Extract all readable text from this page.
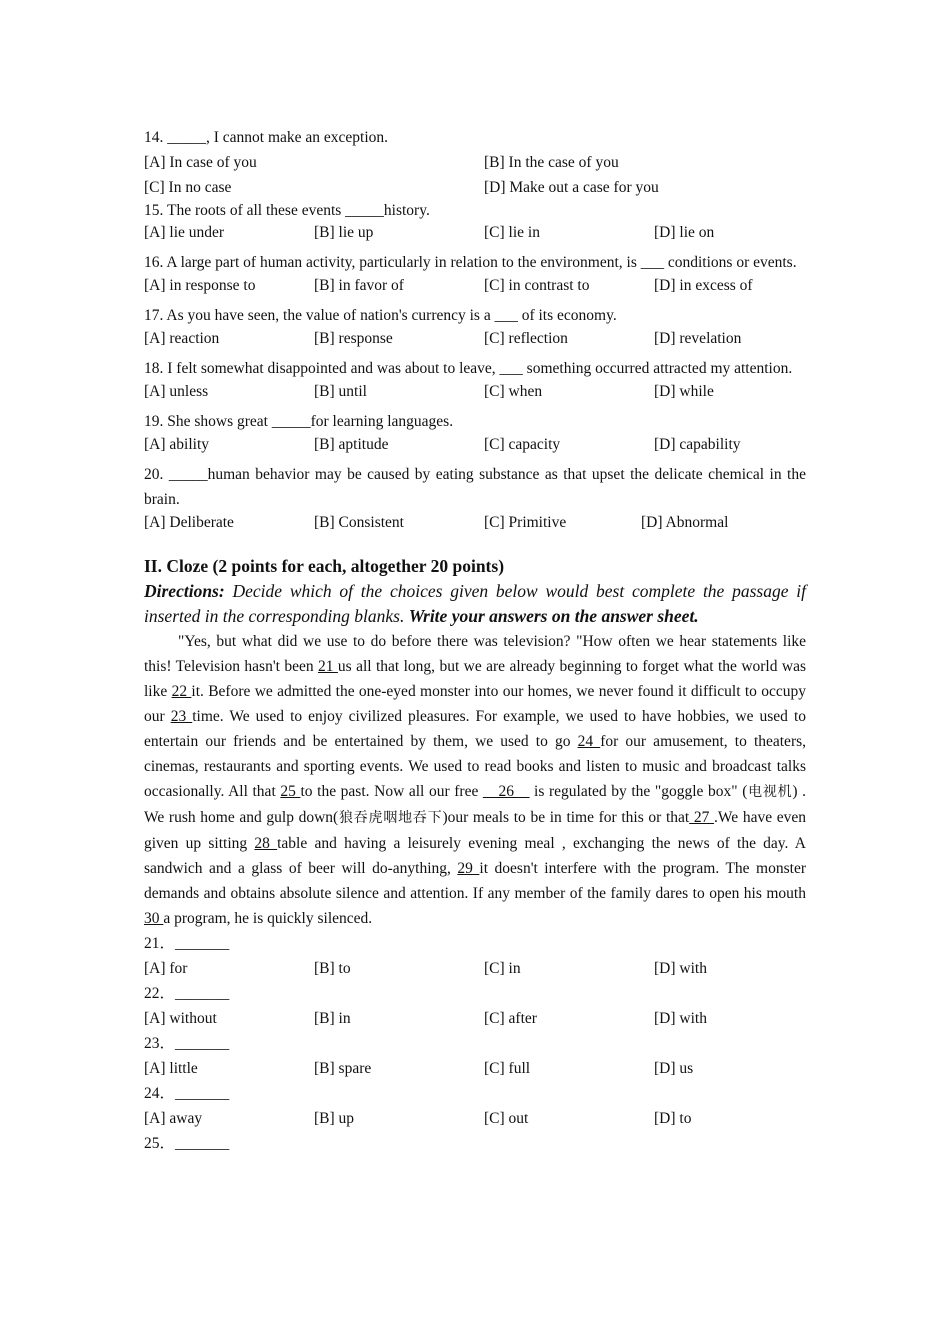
14. _____, I cannot make an exception.
[A] In case of you	[B] In the case of you
[C] In no case	[D] Make out a case for you
15. The roots of all these events _____history.
[A] lie under	[B] lie up	[C] lie in	[D] lie on
16. A large part of human activity, particularly in relation to the environment, is ___ conditions or events.
[A] in response to	[B] in favor of	[C] in contrast to	[D] in excess of
17. As you have seen, the value of nation's currency is a ___ of its economy.
[A] reaction	[B] response	[C] reflection	[D] revelation
18. I felt somewhat disappointed and was about to leave, ___ something occurred attracted my attention.
[A] unless	[B] until	[C] when	[D] while
19. She shows great _____for learning languages.
[A] ability	[B] aptitude	[C] capacity	[D] capability
20. _____human behavior may be caused by eating substance as that upset the delicate chemical in the brain.
[A] Deliberate	[B] Consistent	[C] Primitive	[D] Abnormal
II. Cloze (2 points for each, altogether 20 points)
Directions: Decide which of the choices given below would best complete the passage if inserted in the corresponding blanks. Write your answers on the answer sheet.
"Yes, but what did we use to do before there was television? "How often we hear statements like this! Television hasn't been 21 us all that long, but we are already beginning to forget what the world was like 22 it. Before we admitted the one-eyed monster into our homes, we never found it difficult to occupy our 23 time. We used to enjoy civilized pleasures. For example, we used to have hobbies, we used to entertain our friends and be entertained by them, we used to go 24 for our amusement, to theaters, cinemas, restaurants and sporting events. We used to read books and listen to music and broadcast talks occasionally. All that 25 to the past. Now all our free __26__ is regulated by the "goggle box" (电视机) . We rush home and gulp down(狼吞虎咽地吞下)our meals to be in time for this or that 27 .We have even given up sitting 28 table and having a leisurely evening meal , exchanging the news of the day. A sandwich and a glass of beer will do-anything, 29 it doesn't interfere with the program. The monster demands and obtains absolute silence and attention. If any member of the family dares to open his mouth 30 a program, he is quickly silenced.
21．_______
[A] for	[B] to	[C] in	[D] with
22．_______
[A] without	[B] in	[C] after	[D] with
23．_______
[A] little	[B] spare	[C] full	[D] us
24．_______
[A] away	[B] up	[C] out	[D] to
25．_______
